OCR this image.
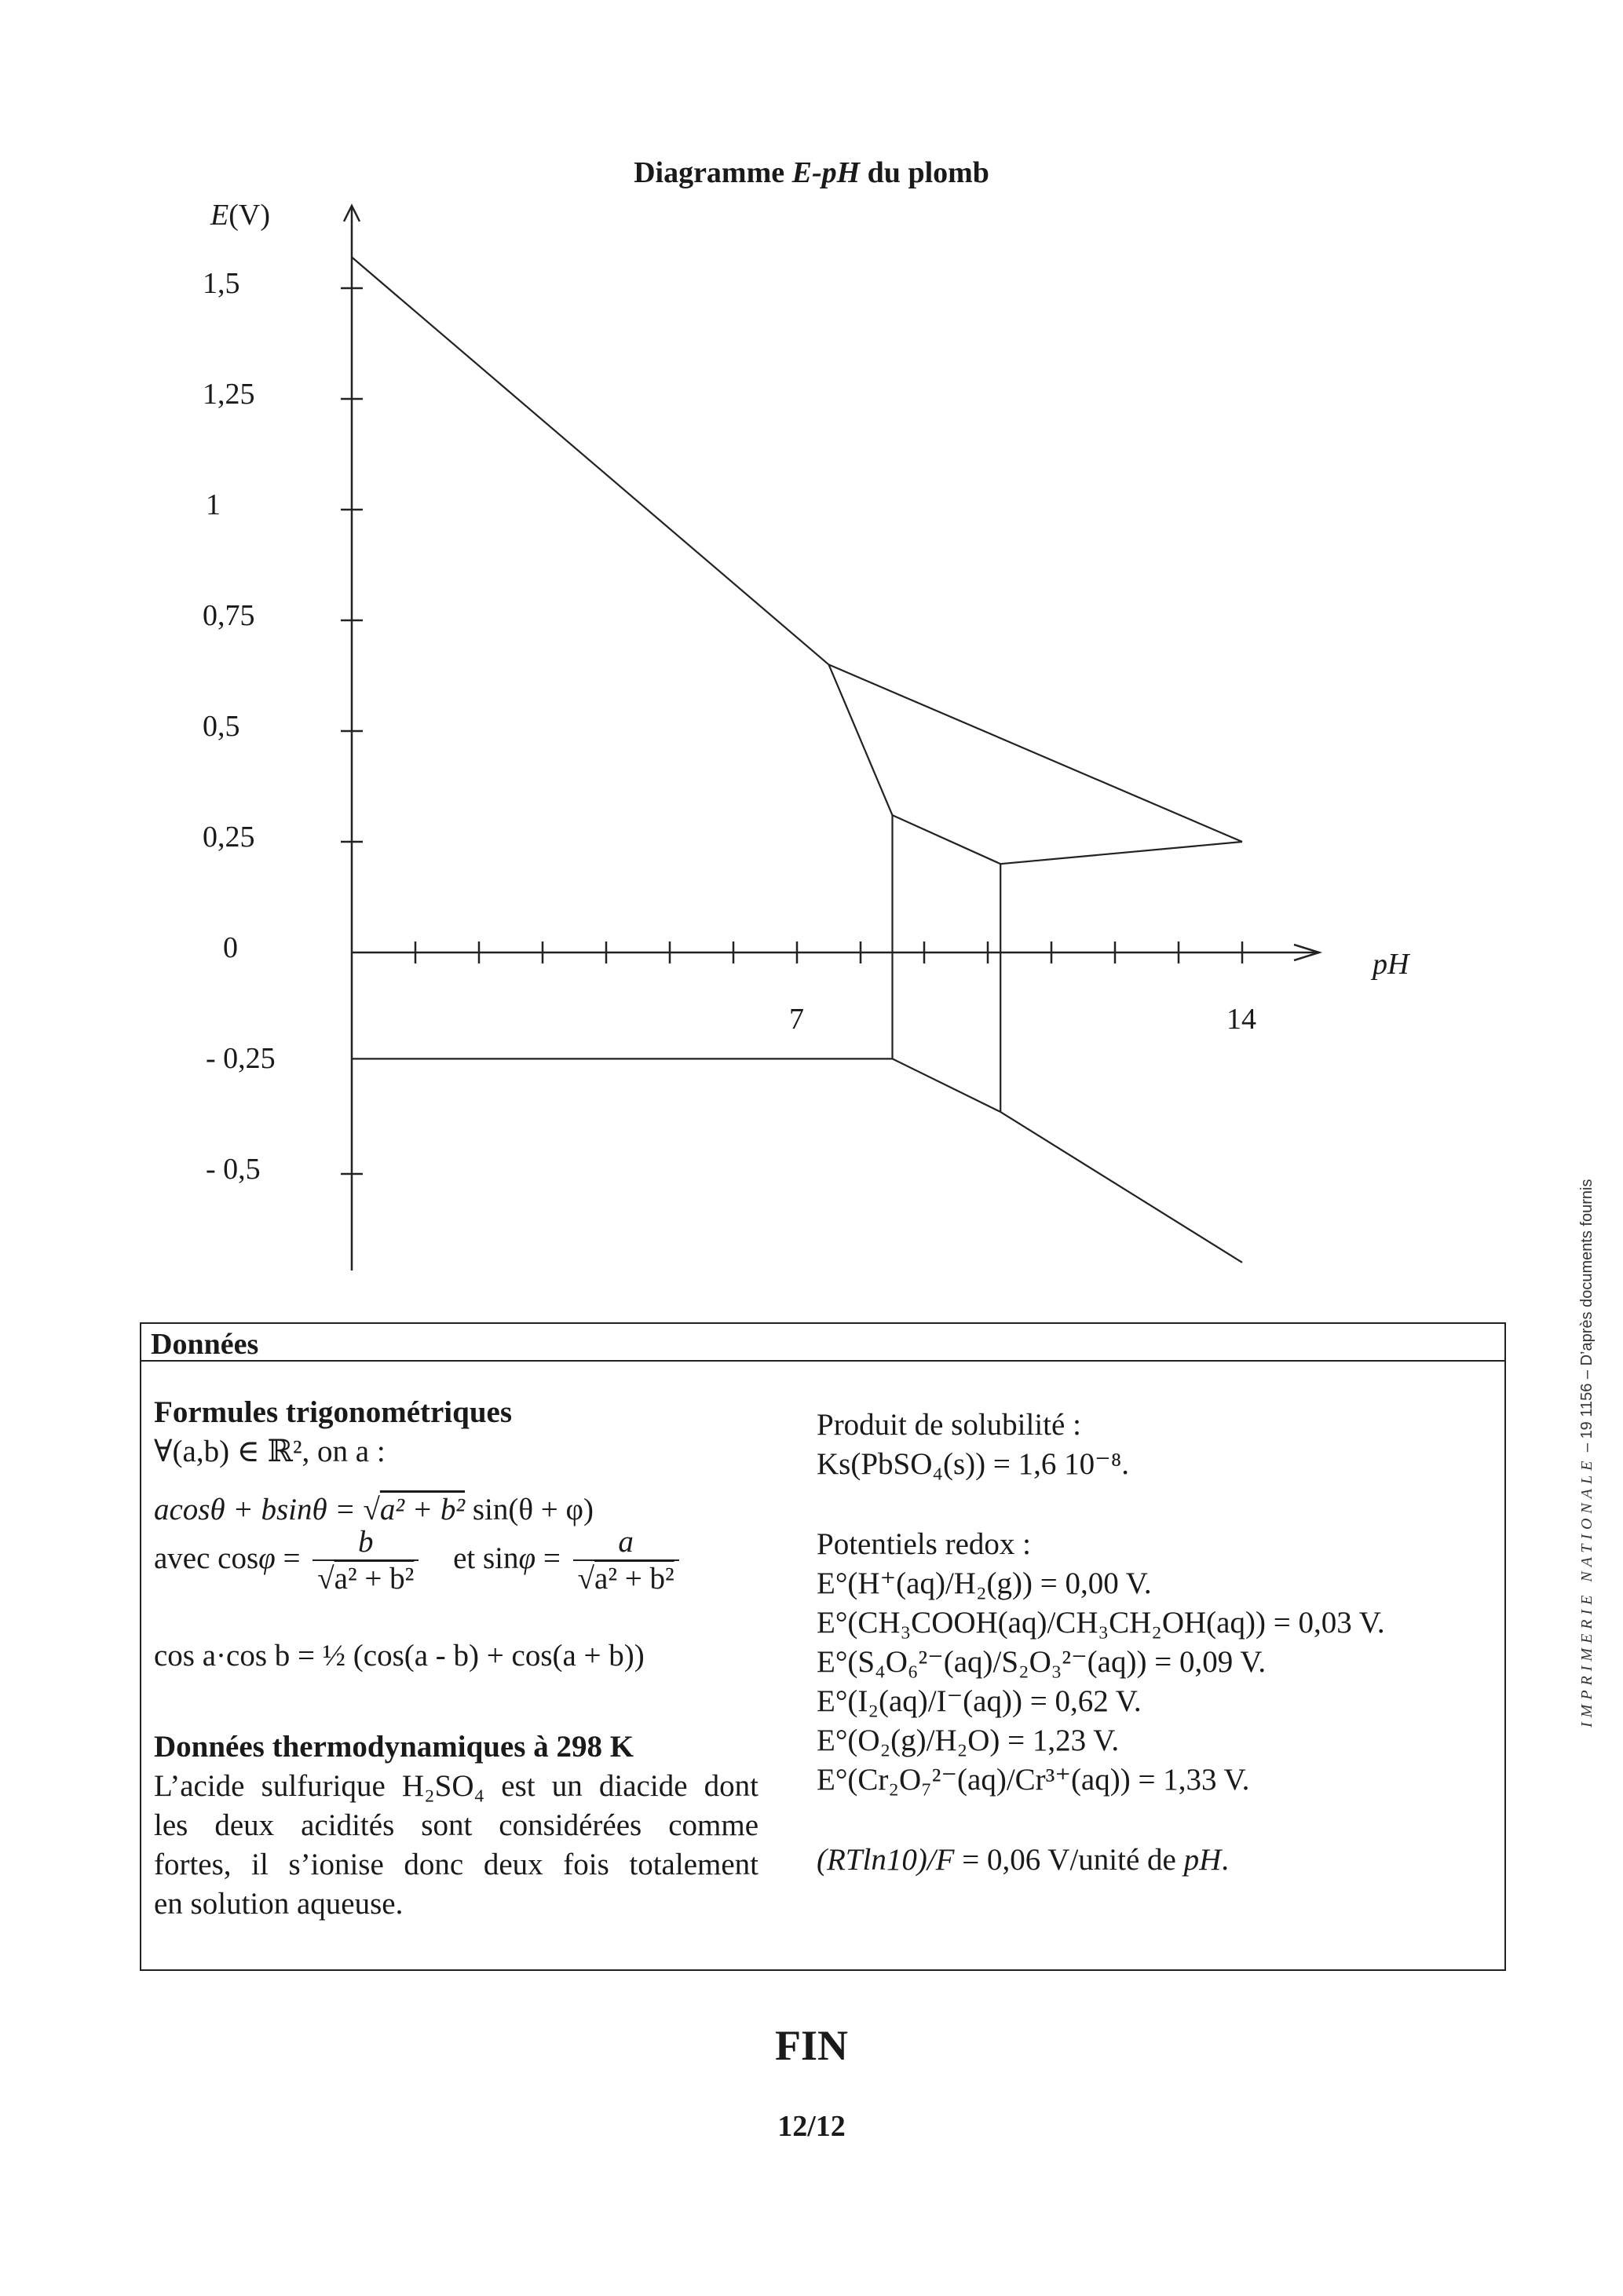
Diagramme E-pH du plomb
E(V)
pH
1,5
1,25
1
0,75
0,5
0,25
0
- 0,25
- 0,5
7	14
Données
Formules trigonométriques
∀(a,b) ∈ ℝ², on a :
acosθ + bsinθ = √a² + b² sin(θ + φ)
avec $\cos\varphi = \frac{b}{\text{√a² + b²}}$ et $\sin\varphi = \frac{a}{\text{√a² + b²}}$
cos a·cos b = ½ (cos(a - b) + cos(a + b))
Données thermodynamiques à 298 K
L’acide sulfurique H₂SO₄ est un diacide dont
les deux acidités sont considérées comme
fortes, il s’ionise donc deux fois totalement
en solution aqueuse.
Produit de solubilité :
Ks(PbSO₄(s)) = 1,6 10⁻⁸.
Potentiels redox :
E°(H⁺(aq)/H₂(g)) = 0,00 V.
E°(CH₃COOH(aq)/CH₃CH₂OH(aq)) = 0,03 V.
E°(S₄O₆²⁻(aq)/S₂O₃²⁻(aq)) = 0,09 V.
E°(I₂(aq)/I⁻(aq)) = 0,62 V.
E°(O₂(g)/H₂O) = 1,23 V.
E°(Cr₂O₇²⁻(aq)/Cr³⁺(aq)) = 1,33 V.
(RTln10)/F = 0,06 V/unité de pH.
FIN
12/12
IMPRIMERIE NATIONALE – 19 1156 – D’après documents fournis
